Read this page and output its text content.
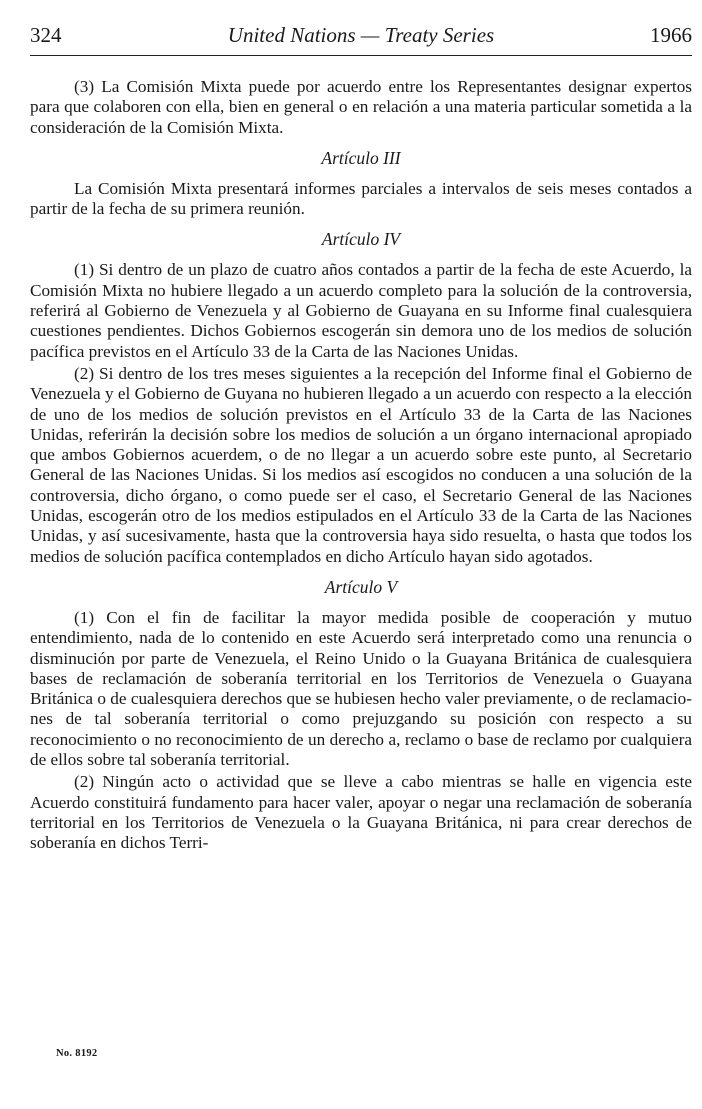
324	United Nations — Treaty Series	1966

(3) La Comisión Mixta puede por acuerdo entre los Representantes designar expertos para que colaboren con ella, bien en general o en relación a una materia particular sometida a la consideración de la Comisión Mixta.

Artículo III

La Comisión Mixta presentará informes parciales a intervalos de seis meses contados a partir de la fecha de su primera reunión.

Artículo IV

(1) Si dentro de un plazo de cuatro años contados a partir de la fecha de este Acuerdo, la Comisión Mixta no hubiere llegado a un acuerdo completo para la solución de la controversia, referirá al Gobierno de Venezuela y al Gobierno de Guayana en su Informe final cualesquiera cuestiones pendientes. Dichos Gobiernos escogerán sin demora uno de los medios de solución pacífica previstos en el Artículo 33 de la Carta de las Naciones Unidas.

(2) Si dentro de los tres meses siguientes a la recepción del Informe final el Gobierno de Venezuela y el Gobierno de Guyana no hubieren llegado a un acuerdo con respecto a la elección de uno de los medios de solución previstos en el Artículo 33 de la Carta de las Naciones Unidas, referirán la decisión sobre los medios de solución a un órgano internacional apropiado que ambos Gobiernos acuerdem, o de no llegar a un acuerdo sobre este punto, al Secretario General de las Naciones Unidas. Si los medios así escogidos no conducen a una solución de la controversia, dicho órgano, o como puede ser el caso, el Secretario General de las Naciones Unidas, escogerán otro de los medios estipulados en el Artículo 33 de la Carta de las Naciones Unidas, y así sucesivamente, hasta que la controversia haya sido resuelta, o hasta que todos los medios de solución pacífica contemplados en dicho Artículo hayan sido agotados.

Artículo V

(1) Con el fin de facilitar la mayor medida posible de cooperación y mutuo entendimiento, nada de lo contenido en este Acuerdo será interpretado como una renuncia o disminución por parte de Venezuela, el Reino Unido o la Guayana Británica de cualesquiera bases de reclamación de soberanía territorial en los Territorios de Venezuela o Guayana Británica o de cualesquiera derechos que se hubiesen hecho valer previamente, o de reclamaciones de tal soberanía territorial o como prejuzgando su posición con respecto a su reconocimiento o no reconocimiento de un derecho a, reclamo o base de reclamo por cualquiera de ellos sobre tal soberanía territorial.

(2) Ningún acto o actividad que se lleve a cabo mientras se halle en vigencia este Acuerdo constituirá fundamento para hacer valer, apoyar o negar una reclamación de soberanía territorial en los Territorios de Venezuela o la Guayana Británica, ni para crear derechos de soberanía en dichos Terri-

No. 8192
